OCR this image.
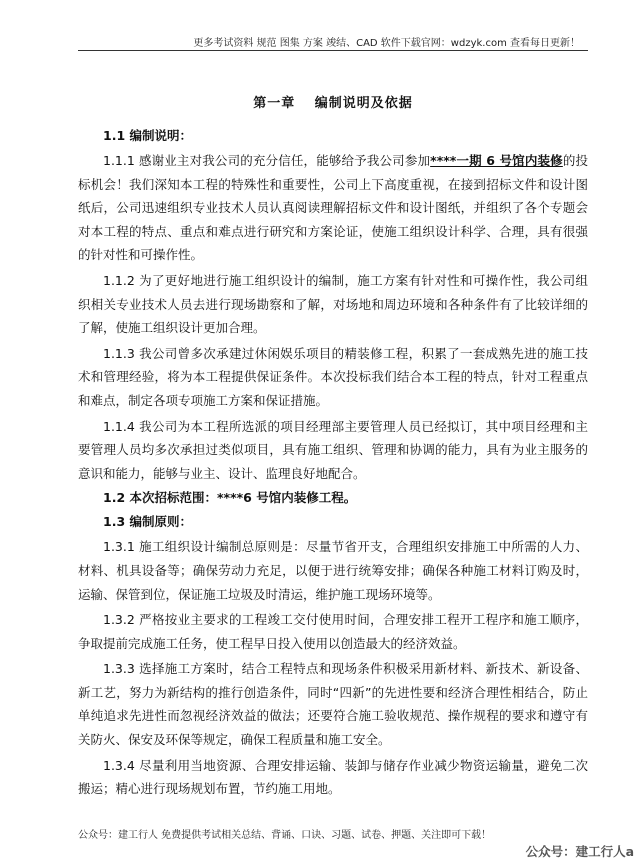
更多考试资料 规范 图集 方案 竣结、CAD 软件下载官网：wdzyk.com 查看每日更新！
第一章　 编制说明及依据
1.1 编制说明：

1.1.1 感谢业主对我公司的充分信任，能够给予我公司参加****一期 6 号馆内装修的投标机会！我们深知本工程的特殊性和重要性，公司上下高度重视，在接到招标文件和设计图纸后，公司迅速组织专业技术人员认真阅读理解招标文件和设计图纸，并组织了各个专题会对本工程的特点、重点和难点进行研究和方案论证，使施工组织设计科学、合理，具有很强的针对性和可操作性。

1.1.2 为了更好地进行施工组织设计的编制，施工方案有针对性和可操作性，我公司组织相关专业技术人员去进行现场勘察和了解，对场地和周边环境和各种条件有了比较详细的了解，使施工组织设计更加合理。

1.1.3 我公司曾多次承建过休闲娱乐项目的精装修工程，积累了一套成熟先进的施工技术和管理经验，将为本工程提供保证条件。本次投标我们结合本工程的特点，针对工程重点和难点，制定各项专项施工方案和保证措施。

1.1.4 我公司为本工程所选派的项目经理部主要管理人员已经拟订，其中项目经理和主要管理人员均多次承担过类似项目，具有施工组织、管理和协调的能力，具有为业主服务的意识和能力，能够与业主、设计、监理良好地配合。

1.2 本次招标范围：****6 号馆内装修工程。
1.3 编制原则：

1.3.1 施工组织设计编制总原则是：尽量节省开支，合理组织安排施工中所需的人力、材料、机具设备等；确保劳动力充足，以便于进行统筹安排；确保各种施工材料订购及时，运输、保管到位，保证施工垃圾及时清运，维护施工现场环境等。

1.3.2 严格按业主要求的工程竣工交付使用时间，合理安排工程开工程序和施工顺序，争取提前完成施工任务，使工程早日投入使用以创造最大的经济效益。

1.3.3 选择施工方案时，结合工程特点和现场条件积极采用新材料、新技术、新设备、新工艺，努力为新结构的推行创造条件，同时“四新”的先进性要和经济合理性相结合，防止单纯追求先进性而忽视经济效益的做法；还要符合施工验收规范、操作规程的要求和遵守有关防火、保安及环保等规定，确保工程质量和施工安全。

1.3.4 尽量利用当地资源、合理安排运输、装卸与储存作业减少物资运输量，避免二次搬运；精心进行现场规划布置，节约施工用地。

公众号：建工行人 免费提供考试相关总结、背诵、口诀、习题、试卷、押题、关注即可下载！
公众号：建工行人a
